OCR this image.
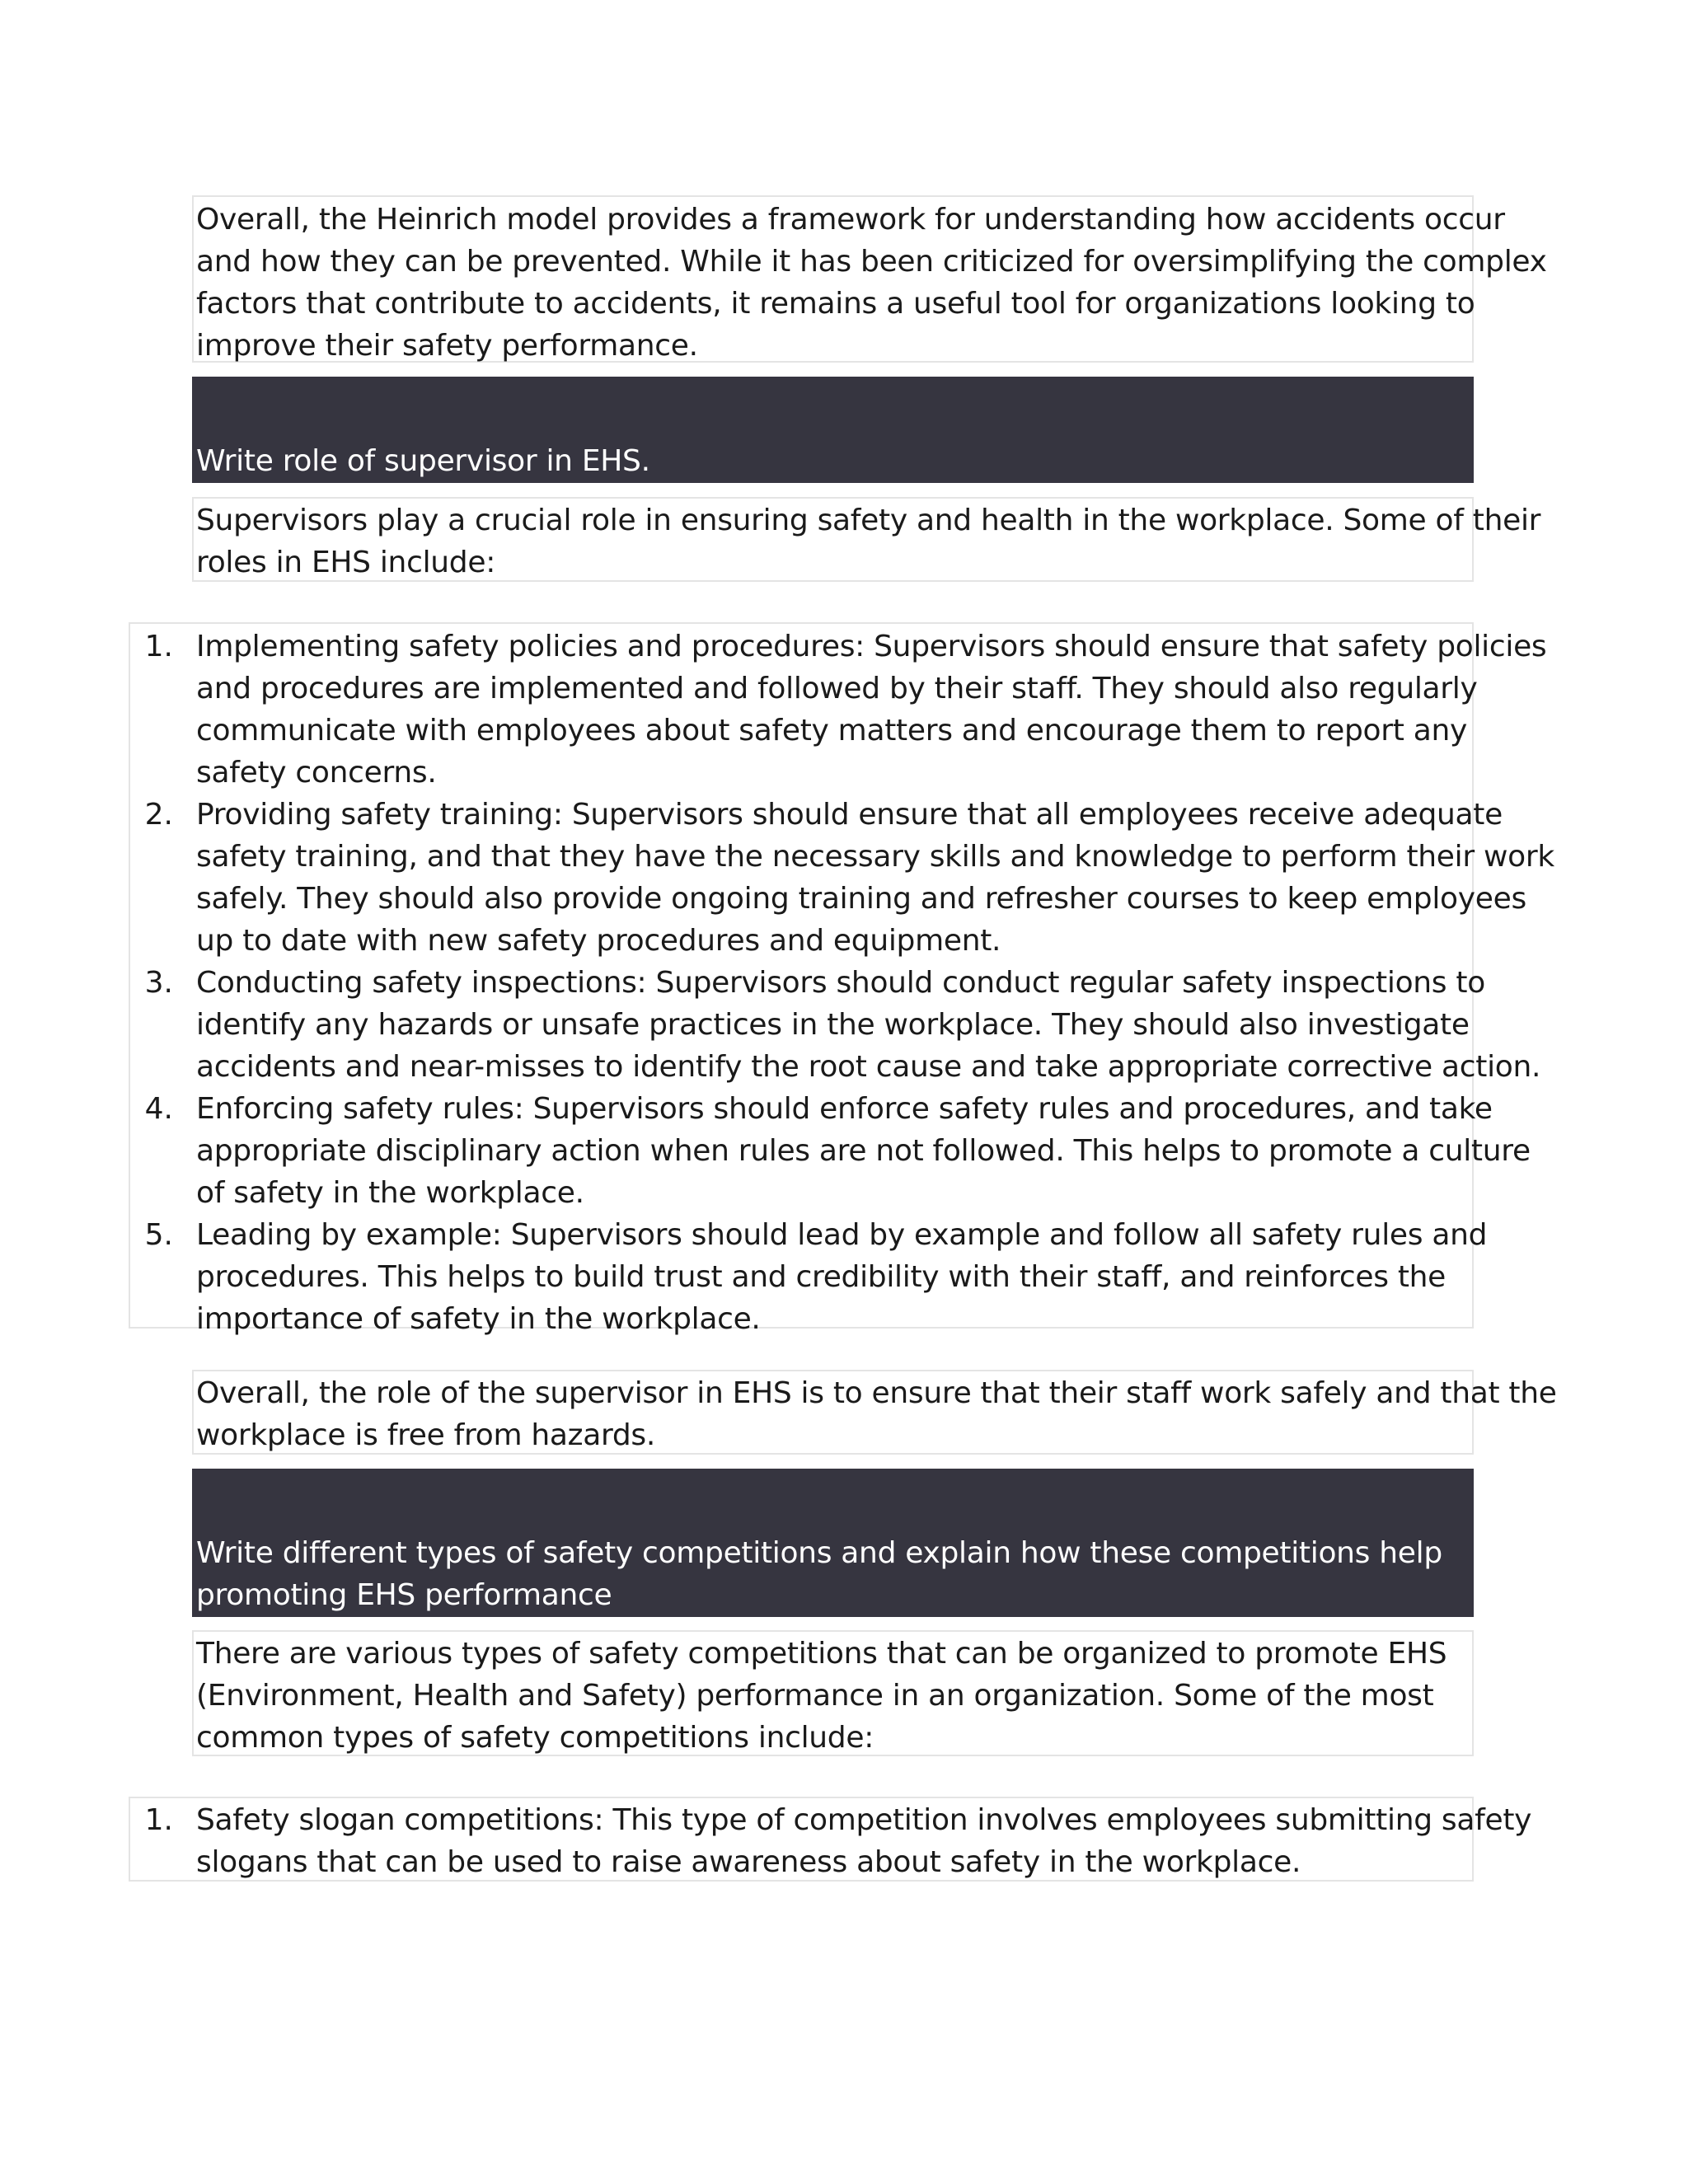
Overall, the Heinrich model provides a framework for understanding how accidents occur
and how they can be prevented. While it has been criticized for oversimplifying the complex
factors that contribute to accidents, it remains a useful tool for organizations looking to
improve their safety performance.
Write role of supervisor in EHS.
Supervisors play a crucial role in ensuring safety and health in the workplace. Some of their
roles in EHS include:
1. Implementing safety policies and procedures: Supervisors should ensure that safety policies
and procedures are implemented and followed by their staff. They should also regularly
communicate with employees about safety matters and encourage them to report any
safety concerns.
2. Providing safety training: Supervisors should ensure that all employees receive adequate
safety training, and that they have the necessary skills and knowledge to perform their work
safely. They should also provide ongoing training and refresher courses to keep employees
up to date with new safety procedures and equipment.
3. Conducting safety inspections: Supervisors should conduct regular safety inspections to
identify any hazards or unsafe practices in the workplace. They should also investigate
accidents and near-misses to identify the root cause and take appropriate corrective action.
4. Enforcing safety rules: Supervisors should enforce safety rules and procedures, and take
appropriate disciplinary action when rules are not followed. This helps to promote a culture
of safety in the workplace.
5. Leading by example: Supervisors should lead by example and follow all safety rules and
procedures. This helps to build trust and credibility with their staff, and reinforces the
importance of safety in the workplace.
Overall, the role of the supervisor in EHS is to ensure that their staff work safely and that the
workplace is free from hazards.
Write different types of safety competitions and explain how these competitions help
promoting EHS performance
There are various types of safety competitions that can be organized to promote EHS
(Environment, Health and Safety) performance in an organization. Some of the most
common types of safety competitions include:
1. Safety slogan competitions: This type of competition involves employees submitting safety
slogans that can be used to raise awareness about safety in the workplace.
